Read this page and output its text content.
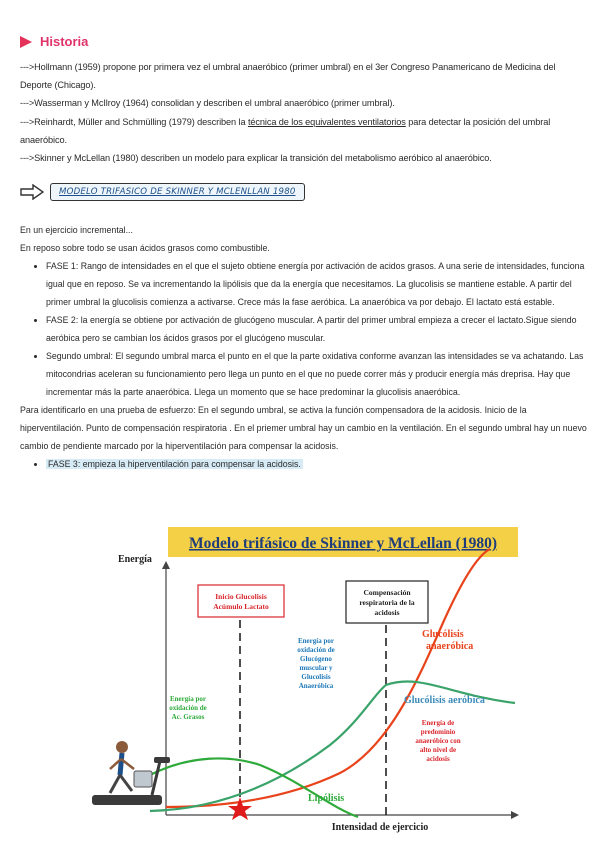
Historia

--->Hollmann (1959) propone por primera vez el umbral anaeróbico (primer umbral) en el 3er Congreso Panamericano de Medicina del Deporte (Chicago).

--->Wasserman y McIlroy (1964) consolidan y describen el umbral anaeróbico (primer umbral).

--->Reinhardt, Müller and Schmülling (1979) describen la técnica de los equivalentes ventilatorios para detectar la posición del umbral anaeróbico.

--->Skinner y McLellan (1980) describen un modelo para explicar la transición del metabolismo aeróbico al anaeróbico.

MODELO TRIFASICO DE SKINNER Y MCLENLLAN 1980

En un ejercicio incremental...

En reposo sobre todo se usan ácidos grasos como combustible.

• FASE 1: Rango de intensidades en el que el sujeto obtiene energía por activación de acidos grasos. A una serie de intensidades, funciona igual que en reposo. Se va incrementando la lipólisis que da la energía que necesitamos. La glucolisis se mantiene estable. A partir del primer umbral la glucolisis comienza a activarse. Crece más la fase aeróbica. La anaeróbica va por debajo. El lactato está estable.
• FASE 2: la energía se obtiene por activación de glucógeno muscular. A partir del primer umbral empieza a crecer el lactato.Sigue siendo aeróbica pero se cambian los ácidos grasos por el glucógeno muscular.
• Segundo umbral: El segundo umbral marca el punto en el que la parte oxidativa conforme avanzan las intensidades se va achatando. Las mitocondrias aceleran su funcionamiento pero llega un punto en el que no puede correr más y producir energía más dreprisa. Hay que incrementar más la parte anaeróbica. Llega un momento que se hace predominar la glucolisis anaeróbica.

Para identificarlo en una prueba de esfuerzo: En el segundo umbral, se activa la función compensadora de la acidosis. Inicio de la hiperventilación. Punto de compensación respiratoria . En el priemer umbral hay un cambio en la ventilación. En el segundo umbral hay un nuevo cambio de pendiente marcado por la hiperventilación para compensar la acidosis.

• FASE 3: empieza la hiperventilación para compensar la acidosis.
Modelo trifásico de Skinner y McLellan (1980)
Energía
Intensidad de ejercicio
Inicio Glucolisis
Acúmulo Lactato
Compensación
respiratoria de la
acidosis
Glucólisis
anaeróbica
Glucólisis aeróbica
Lipólisis
Energía por
oxidación de
Ac. Grasos
Energía por
oxidación de
Glucógeno
muscular y
Glucolisis
Anaeróbica
Energía de
predominio
anaeróbico con
alto nivel de
acidosis
